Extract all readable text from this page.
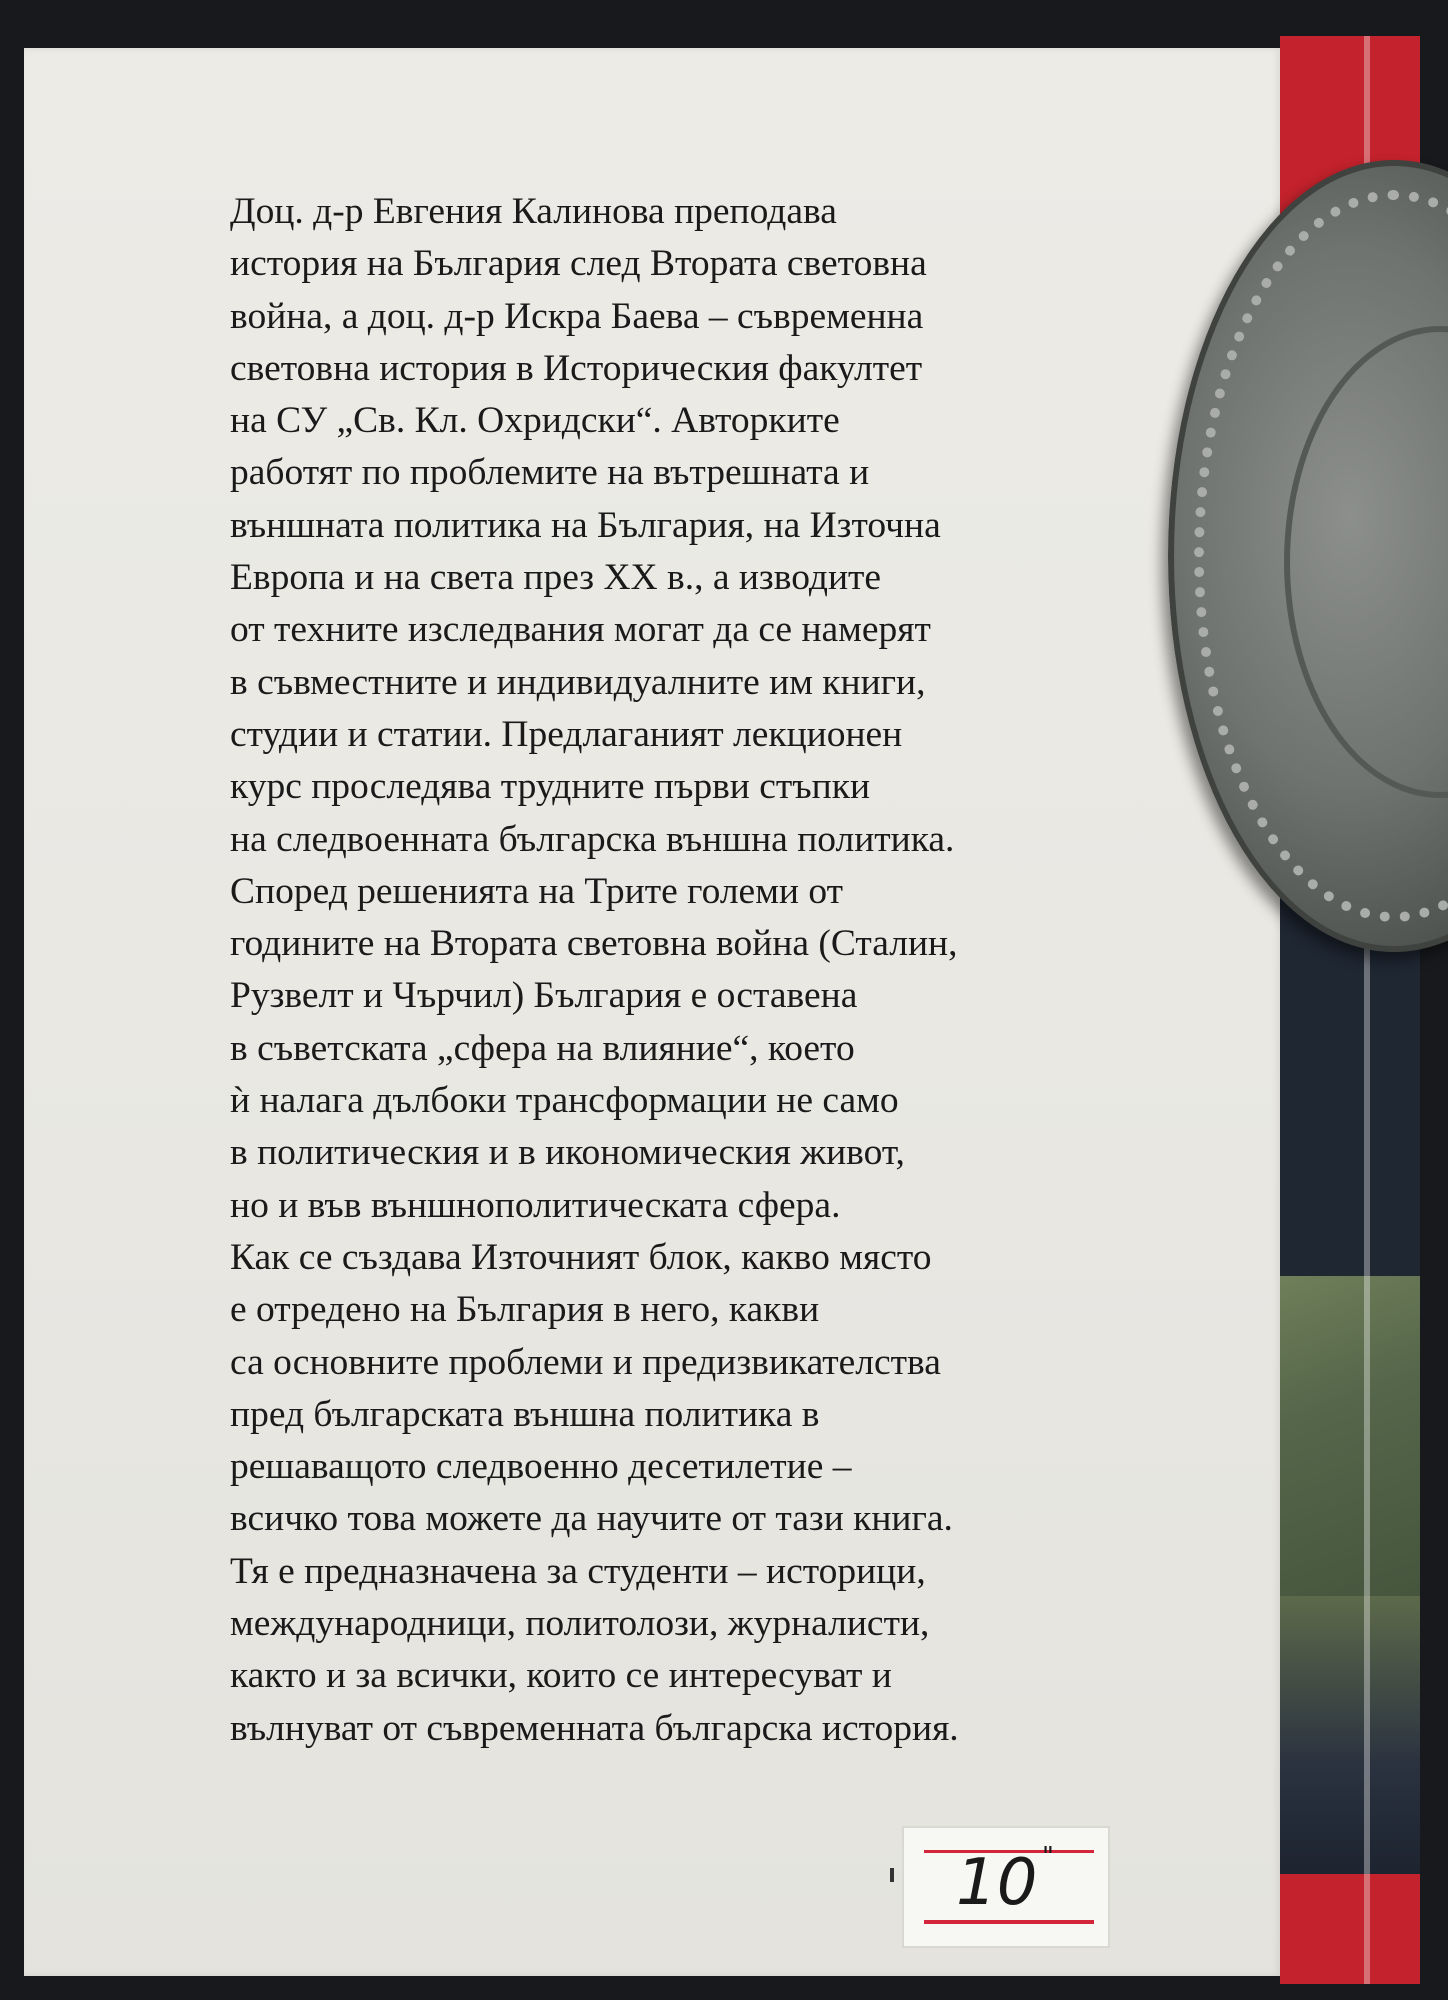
Доц. д-р Евгения Калинова преподава
история на България след Втората световна
война, а доц. д-р Искра Баева – съвременна
световна история в Историческия факултет
на СУ „Св. Кл. Охридски“. Авторките
работят по проблемите на вътрешната и
външната политика на България, на Източна
Европа и на света през ХХ в., а изводите
от техните изследвания могат да се намерят
в съвместните и индивидуалните им книги,
студии и статии. Предлаганият лекционен
курс проследява трудните първи стъпки
на следвоенната българска външна политика.
Според решенията на Трите големи от
годините на Втората световна война (Сталин,
Рузвелт и Чърчил) България е оставена
в съветската „сфера на влияние“, което
ѝ налага дълбоки трансформации не само
в политическия и в икономическия живот,
но и във външнополитическата сфера.
Как се създава Източният блок, какво място
е отредено на България в него, какви
са основните проблеми и предизвикателства
пред българската външна политика в
решаващото следвоенно десетилетие –
всичко това можете да научите от тази книга.
Тя е предназначена за студенти – историци,
международници, политолози, журналисти,
както и за всички, които се интересуват и
вълнуват от съвременната българска история.
10 "
